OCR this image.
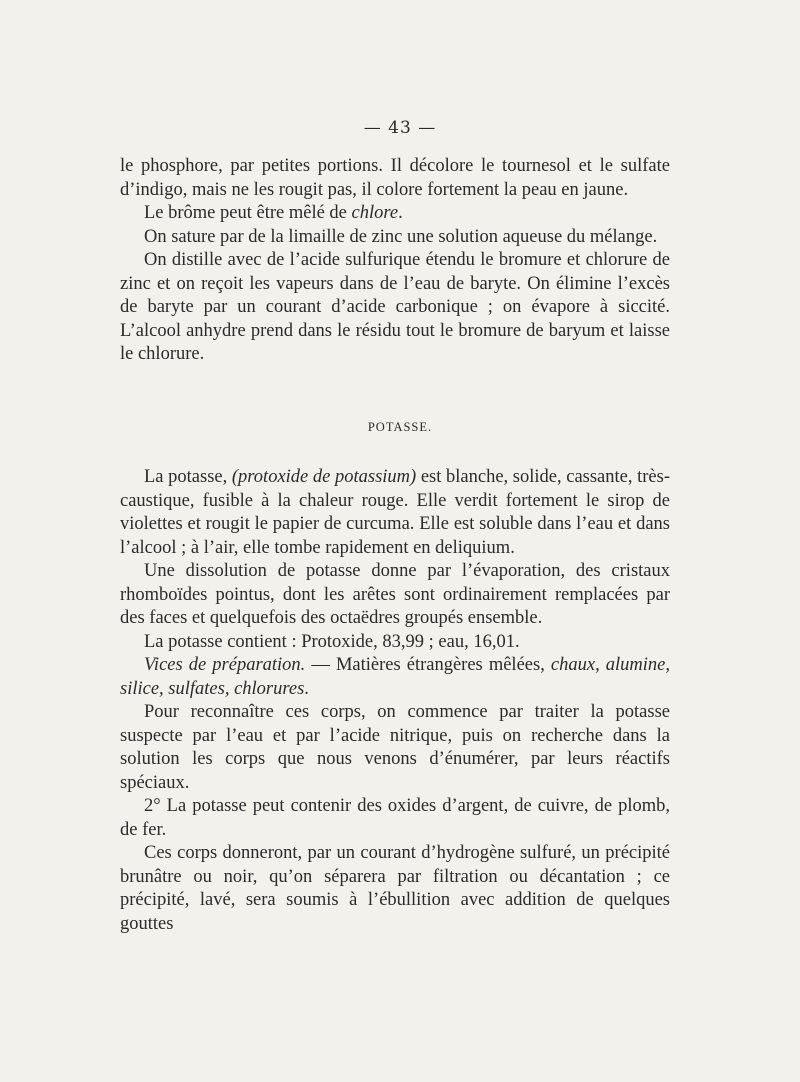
— 43 —

le phosphore, par petites portions. Il décolore le tournesol et le sulfate d’indigo, mais ne les rougit pas, il colore fortement la peau en jaune.

Le brôme peut être mêlé de chlore.

On sature par de la limaille de zinc une solution aqueuse du mélange.

On distille avec de l’acide sulfurique étendu le bromure et chlorure de zinc et on reçoit les vapeurs dans de l’eau de baryte. On élimine l’excès de baryte par un courant d’acide carbonique ; on évapore à siccité. L’alcool anhydre prend dans le résidu tout le bromure de baryum et laisse le chlorure.

POTASSE.

La potasse, (protoxide de potassium) est blanche, solide, cassante, très-caustique, fusible à la chaleur rouge. Elle verdit fortement le sirop de violettes et rougit le papier de curcuma. Elle est soluble dans l’eau et dans l’alcool ; à l’air, elle tombe rapidement en deliquium.

Une dissolution de potasse donne par l’évaporation, des cristaux rhomboïdes pointus, dont les arêtes sont ordinairement remplacées par des faces et quelquefois des octaëdres groupés ensemble.

La potasse contient : Protoxide, 83,99 ; eau, 16,01.

Vices de préparation. — Matières étrangères mêlées, chaux, alumine, silice, sulfates, chlorures.

Pour reconnaître ces corps, on commence par traiter la potasse suspecte par l’eau et par l’acide nitrique, puis on recherche dans la solution les corps que nous venons d’énumérer, par leurs réactifs spéciaux.

2° La potasse peut contenir des oxides d’argent, de cuivre, de plomb, de fer.

Ces corps donneront, par un courant d’hydrogène sulfuré, un précipité brunâtre ou noir, qu’on séparera par filtration ou décantation ; ce précipité, lavé, sera soumis à l’ébullition avec addition de quelques gouttes
